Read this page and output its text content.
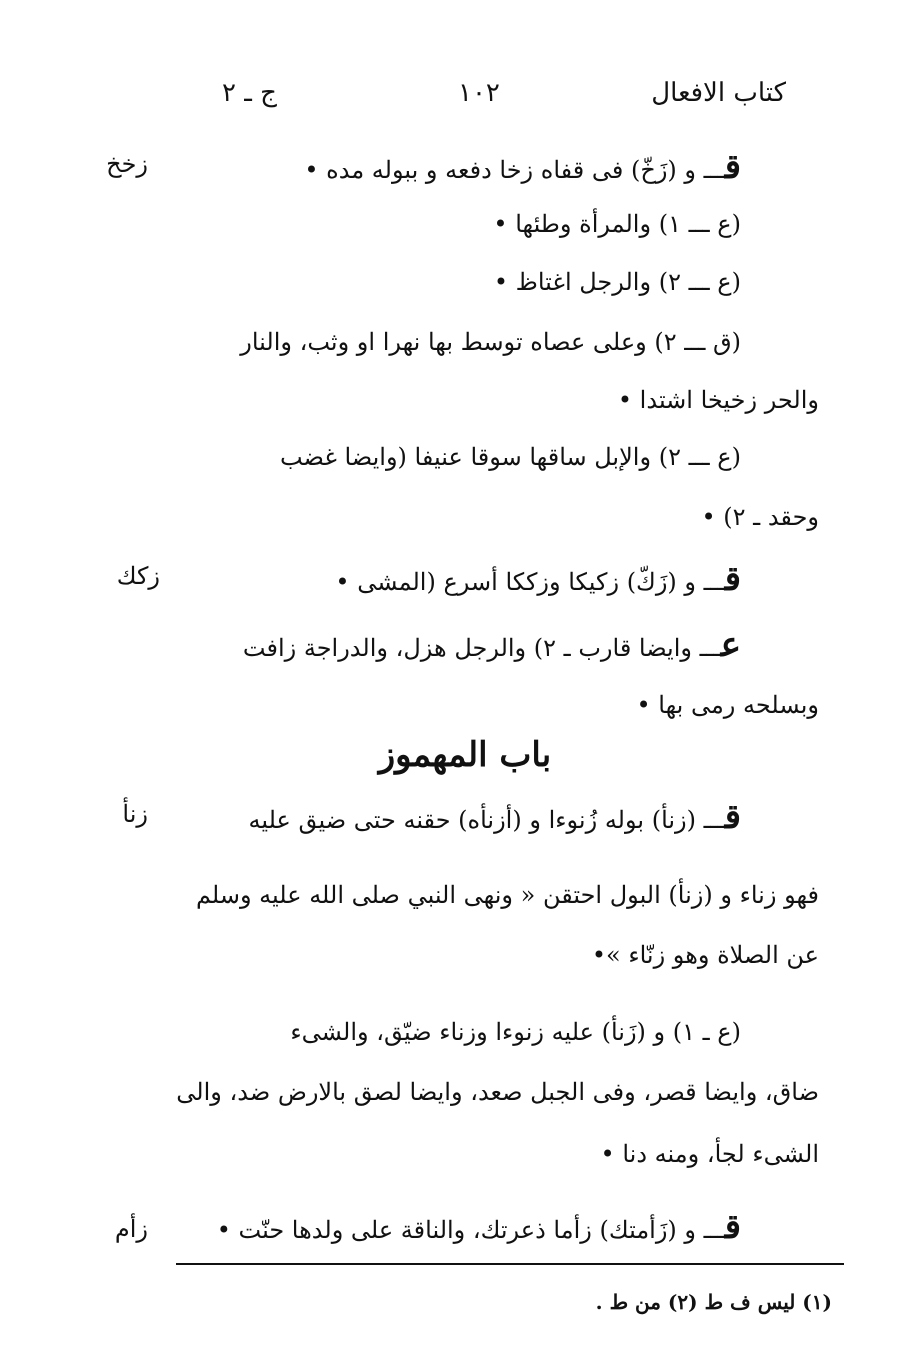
كتاب الافعال
١٠٢
ج ـ ٢
زخخ
زكك
زنأ
زأم
قـــ و (زَخّ) فى قفاه زخا دفعه و ببوله مده •
(ع ـــ ١) والمرأة وطئها •
(ع ـــ ٢) والرجل اغتاظ •
(ق ـــ ٢) وعلى عصاه توسط بها نهرا او وثب، والنار
والحر زخيخا اشتدا •
(ع ـــ ٢) والإبل ساقها سوقا عنيفا (وايضا غضب
وحقد ـ ٢) •
قـــ و (زَكّ) زكيكا وزككا أسرع (المشى •
عـــ وايضا قارب ـ ٢) والرجل هزل، والدراجة زافت
وبسلحه رمى بها •
باب المهموز
قـــ (زنأ) بوله زُنوءا و (أزنأه) حقنه حتى ضيق عليه
فهو زناء و (زنأ) البول احتقن « ونهى النبي صلى الله عليه وسلم
عن الصلاة وهو زنّاء »•
(ع ـ ١) و (زَنأ) عليه زنوءا وزناء ضيّق، والشىء
ضاق، وايضا قصر، وفى الجبل صعد، وايضا لصق بالارض ضد، والى
الشىء لجأ، ومنه دنا •
قـــ و (زَأمتك) زأما ذعرتك، والناقة على ولدها حنّت •
(١) ليس ف ط (٢) من ط .
